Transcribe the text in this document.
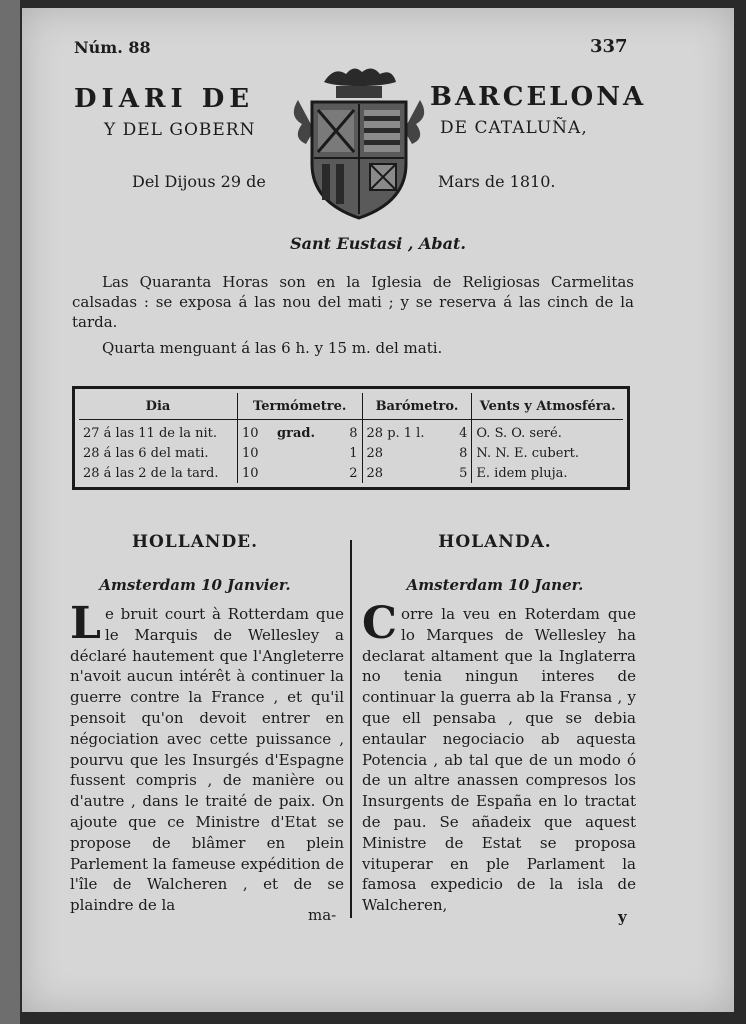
Núm. 88	337
DIARI DE	BARCELONA
Y DEL GOBERN	DE CATALUÑA,
Del Dijous 29 de	Mars de 1810.
Sant Eustasi , Abat.
Las Quaranta Horas son en la Iglesia de Religiosas Carmelitas calsadas : se exposa á las nou del mati ; y se reserva á las cinch de la tarda.
Quarta menguant á las 6 h. y 15 m. del mati.
Dia	Termómetre.			Barómetro.		Vents y Atmosféra.
27 á las 11 de la nit.	10	grad.	8	28 p. 1 l.	4	O. S. O. seré.
28 á las 6 del mati.	10		1	28	8	N. N. E. cubert.
28 á las 2 de la tard.	10		2	28	5	E. idem pluja.
HOLLANDE.
Amsterdam 10 Janvier.
L e bruit court à Rotterdam que le Marquis de Wellesley a déclaré hautement que l'Angleterre n'avoit aucun intérêt à continuer la guerre contre la France , et qu'il pensoit qu'on devoit entrer en négociation avec cette puissance , pourvu que les Insurgés d'Espagne fussent compris , de manière ou d'autre , dans le traité de paix. On ajoute que ce Ministre d'Etat se propose de blâmer en plein Parlement la fameuse expédition de l'île de Walcheren , et de se plaindre de la
ma-
HOLANDA.
Amsterdam 10 Janer.
C orre la veu en Roterdam que lo Marques de Wellesley ha declarat altament que la Inglaterra no tenia ningun interes de continuar la guerra ab la Fransa , y que ell pensaba , que se debia entaular negociacio ab aquesta Potencia , ab tal que de un modo ó de un altre anassen compresos los Insurgents de España en lo tractat de pau. Se añadeix que aquest Ministre de Estat se proposa vituperar en ple Parlament la famosa expedicio de la isla de Walcheren,
y
